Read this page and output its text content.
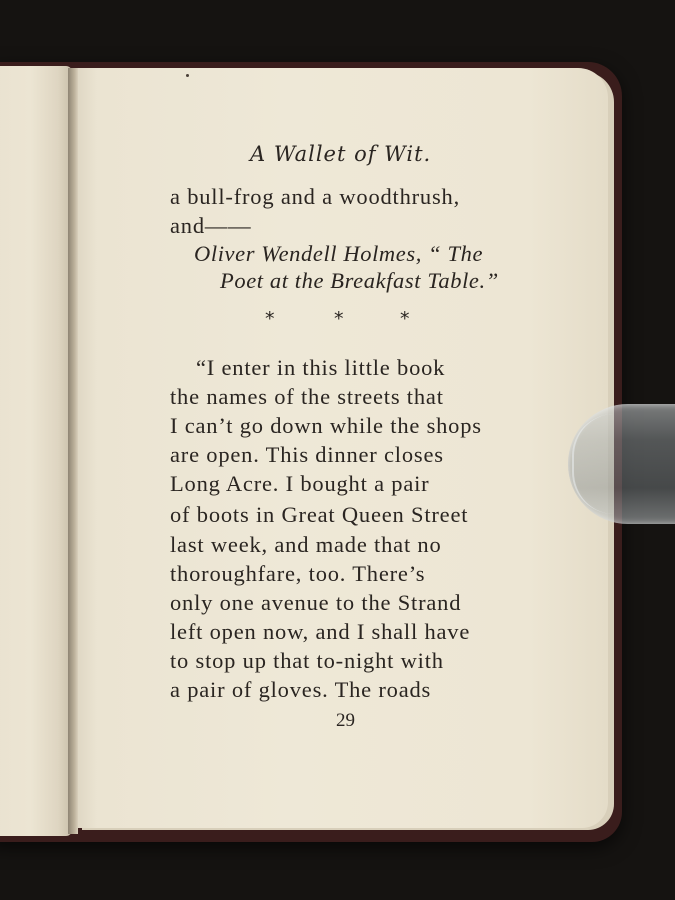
A Wallet of Wit.
a bull-frog and a woodthrush,
and——
Oliver Wendell Holmes, “ The
Poet at the Breakfast Table.”
*	*	*
“I enter in this little book
the names of the streets that
I can’t go down while the shops
are open. This dinner closes
Long Acre. I bought a pair
of boots in Great Queen Street
last week, and made that no
thoroughfare, too. There’s
only one avenue to the Strand
left open now, and I shall have
to stop up that to-night with
a pair of gloves. The roads
29
